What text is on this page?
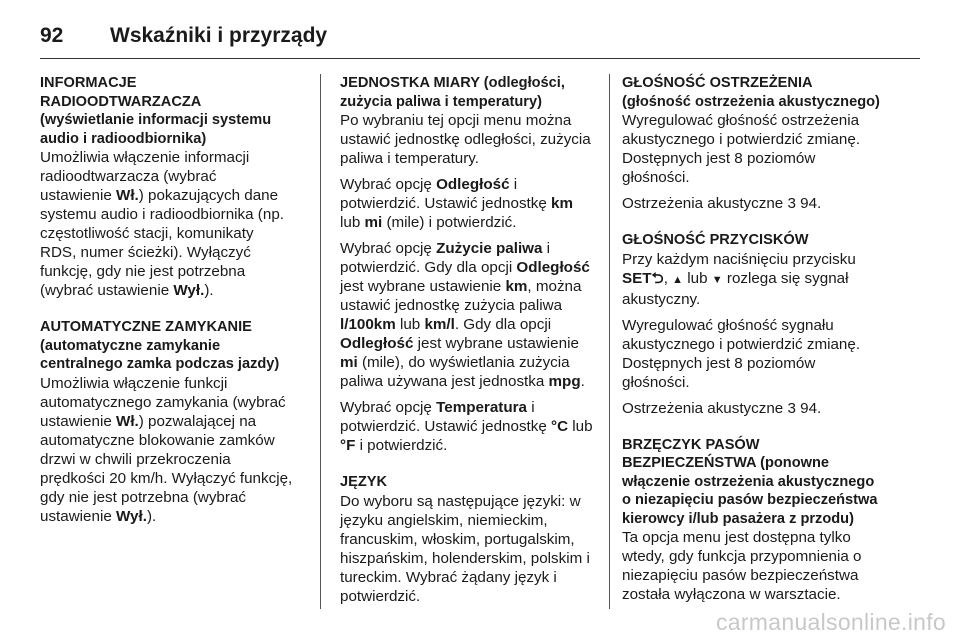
92	Wskaźniki i przyrządy
INFORMACJE
RADIOODTWARZACZA
(wyświetlanie informacji systemu
audio i radioodbiornika)

Umożliwia włączenie informacji
radioodtwarzacza (wybrać
ustawienie Wł.) pokazujących dane
systemu audio i radioodbiornika (np.
częstotliwość stacji, komunikaty
RDS, numer ścieżki). Wyłączyć
funkcję, gdy nie jest potrzebna
(wybrać ustawienie Wył.).

AUTOMATYCZNE ZAMYKANIE
(automatyczne zamykanie
centralnego zamka podczas jazdy)

Umożliwia włączenie funkcji
automatycznego zamykania (wybrać
ustawienie Wł.) pozwalającej na
automatyczne blokowanie zamków
drzwi w chwili przekroczenia
prędkości 20 km/h. Wyłączyć funkcję,
gdy nie jest potrzebna (wybrać
ustawienie Wył.).

JEDNOSTKA MIARY (odległości,
zużycia paliwa i temperatury)

Po wybraniu tej opcji menu można
ustawić jednostkę odległości, zużycia
paliwa i temperatury.

Wybrać opcję Odległość i
potwierdzić. Ustawić jednostkę km
lub mi (mile) i potwierdzić.

Wybrać opcję Zużycie paliwa i
potwierdzić. Gdy dla opcji Odległość
jest wybrane ustawienie km, można
ustawić jednostkę zużycia paliwa
l/100km lub km/l. Gdy dla opcji
Odległość jest wybrane ustawienie
mi (mile), do wyświetlania zużycia
paliwa używana jest jednostka mpg.

Wybrać opcję Temperatura i
potwierdzić. Ustawić jednostkę °C lub
°F i potwierdzić.

JĘZYK

Do wyboru są następujące języki: w
języku angielskim, niemieckim,
francuskim, włoskim, portugalskim,
hiszpańskim, holenderskim, polskim i
tureckim. Wybrać żądany język i
potwierdzić.

GŁOŚNOŚĆ OSTRZEŻENIA
(głośność ostrzeżenia akustycznego)

Wyregulować głośność ostrzeżenia
akustycznego i potwierdzić zmianę.
Dostępnych jest 8 poziomów
głośności.

Ostrzeżenia akustyczne 3 94.

GŁOŚNOŚĆ PRZYCISKÓW

Przy każdym naciśnięciu przycisku
SET⮌, ▲ lub ▼ rozlega się sygnał
akustyczny.

Wyregulować głośność sygnału
akustycznego i potwierdzić zmianę.
Dostępnych jest 8 poziomów
głośności.

Ostrzeżenia akustyczne 3 94.

BRZĘCZYK PASÓW
BEZPIECZEŃSTWA (ponowne
włączenie ostrzeżenia akustycznego
o niezapięciu pasów bezpieczeństwa
kierowcy i/lub pasażera z przodu)

Ta opcja menu jest dostępna tylko
wtedy, gdy funkcja przypomnienia o
niezapięciu pasów bezpieczeństwa
została wyłączona w warsztacie.

carmanualsonline.info
